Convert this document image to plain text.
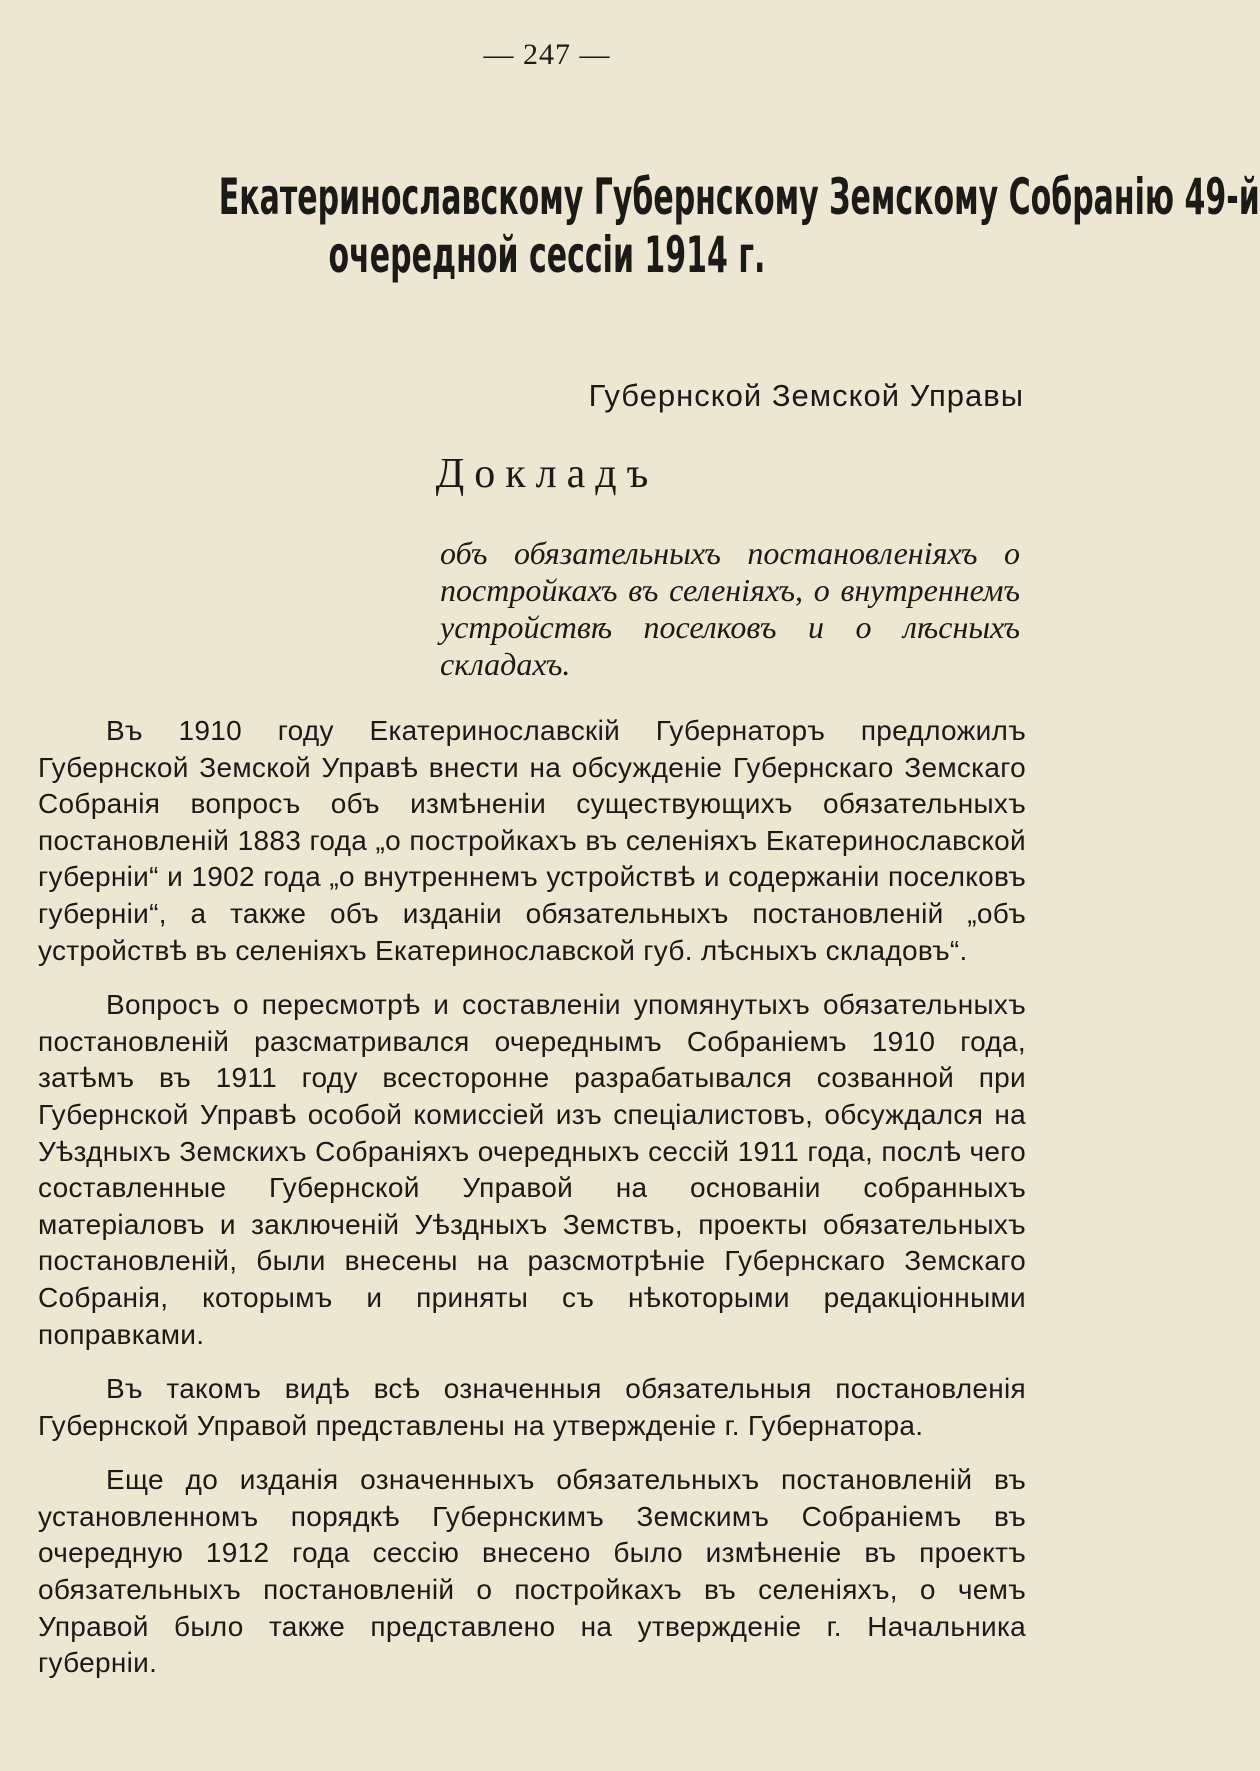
— 247 —
Екатеринославскому Губернскому Земскому Собранію 49-й
очередной сессіи 1914 г.
Губернской Земской Управы
Докладъ
объ обязательныхъ постановленіяхъ о постройкахъ въ селеніяхъ, о внутреннемъ устройствѣ поселковъ и о лѣсныхъ складахъ.

Въ 1910 году Екатеринославскій Губернаторъ предложилъ Губернской Земской Управѣ внести на обсужденіе Губернскаго Земскаго Собранія вопросъ объ измѣненіи существующихъ обязательныхъ постановленій 1883 года „о постройкахъ въ селеніяхъ Екатеринославской губерніи“ и 1902 года „о внутреннемъ устройствѣ и содержаніи поселковъ губерніи“, а также объ изданіи обязательныхъ постановленій „объ устройствѣ въ селеніяхъ Екатеринославской губ. лѣсныхъ складовъ“.

Вопросъ о пересмотрѣ и составленіи упомянутыхъ обязательныхъ постановленій разсматривался очереднымъ Собраніемъ 1910 года, затѣмъ въ 1911 году всесторонне разрабатывался созванной при Губернской Управѣ особой комиссіей изъ спеціалистовъ, обсуждался на Уѣздныхъ Земскихъ Собраніяхъ очередныхъ сессій 1911 года, послѣ чего составленные Губернской Управой на основаніи собранныхъ матеріаловъ и заключеній Уѣздныхъ Земствъ, проекты обязательныхъ постановленій, были внесены на разсмотрѣніе Губернскаго Земскаго Собранія, которымъ и приняты съ нѣкоторыми редакціонными поправками.

Въ такомъ видѣ всѣ означенныя обязательныя постановленія Губернской Управой представлены на утвержденіе г. Губернатора.

Еще до изданія означенныхъ обязательныхъ постановленій въ установленномъ порядкѣ Губернскимъ Земскимъ Собраніемъ въ очередную 1912 года сессію внесено было измѣненіе въ проектъ обязательныхъ постановленій о постройкахъ въ селеніяхъ, о чемъ Управой было также представлено на утвержденіе г. Начальника губерніи.
